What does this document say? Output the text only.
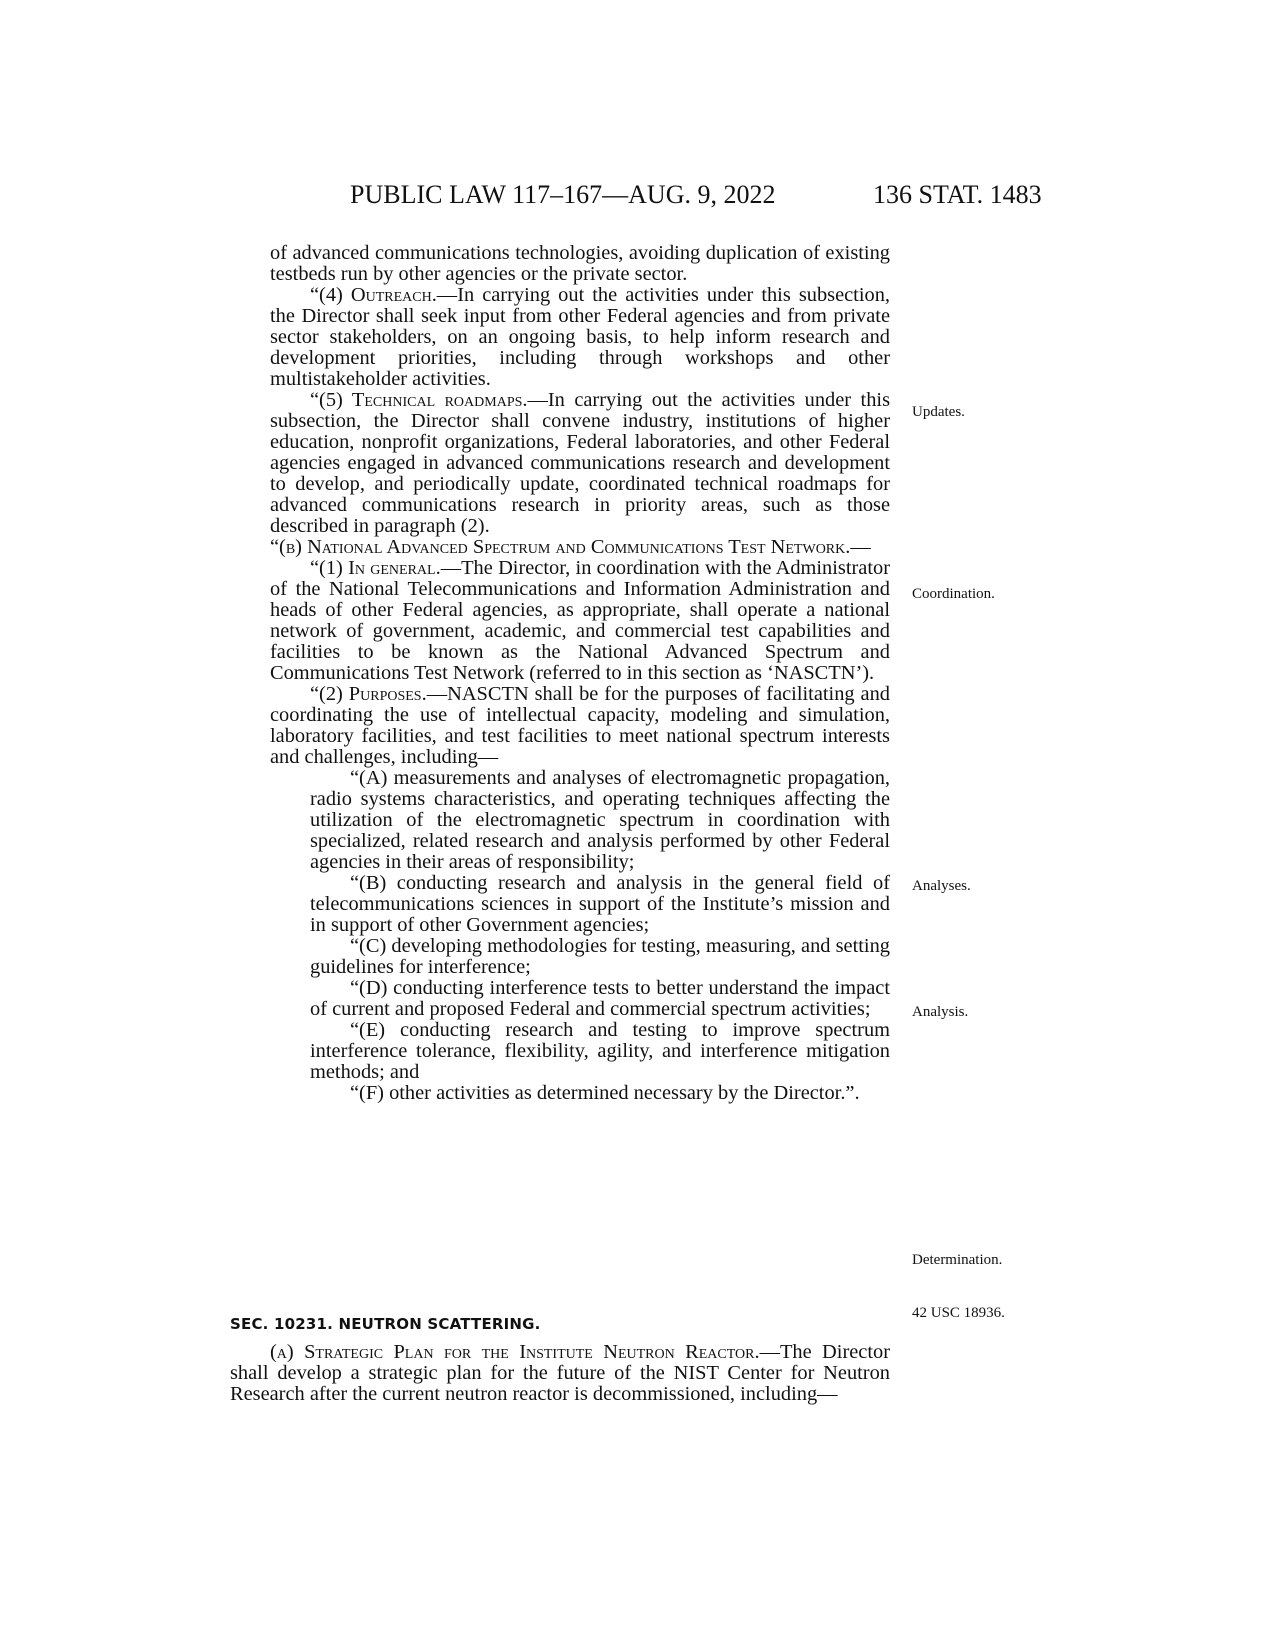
PUBLIC LAW 117–167—AUG. 9, 2022	136 STAT. 1483

of advanced communications technologies, avoiding duplication of existing testbeds run by other agencies or the private sector.

“(4) Outreach.—In carrying out the activities under this subsection, the Director shall seek input from other Federal agencies and from private sector stakeholders, on an ongoing basis, to help inform research and development priorities, including through workshops and other multistakeholder activities.

“(5) Technical roadmaps.—In carrying out the activities under this subsection, the Director shall convene industry, institutions of higher education, nonprofit organizations, Federal laboratories, and other Federal agencies engaged in advanced communications research and development to develop, and periodically update, coordinated technical roadmaps for advanced communications research in priority areas, such as those described in paragraph (2).

“(b) National Advanced Spectrum and Communications Test Network.—

“(1) In general.—The Director, in coordination with the Administrator of the National Telecommunications and Information Administration and heads of other Federal agencies, as appropriate, shall operate a national network of government, academic, and commercial test capabilities and facilities to be known as the National Advanced Spectrum and Communications Test Network (referred to in this section as ‘NASCTN’).

“(2) Purposes.—NASCTN shall be for the purposes of facilitating and coordinating the use of intellectual capacity, modeling and simulation, laboratory facilities, and test facilities to meet national spectrum interests and challenges, including—

“(A) measurements and analyses of electromagnetic propagation, radio systems characteristics, and operating techniques affecting the utilization of the electromagnetic spectrum in coordination with specialized, related research and analysis performed by other Federal agencies in their areas of responsibility;

“(B) conducting research and analysis in the general field of telecommunications sciences in support of the Institute’s mission and in support of other Government agencies;

“(C) developing methodologies for testing, measuring, and setting guidelines for interference;

“(D) conducting interference tests to better understand the impact of current and proposed Federal and commercial spectrum activities;

“(E) conducting research and testing to improve spectrum interference tolerance, flexibility, agility, and interference mitigation methods; and

“(F) other activities as determined necessary by the Director.”.

SEC. 10231. NEUTRON SCATTERING.

(a) Strategic Plan for the Institute Neutron Reactor.—The Director shall develop a strategic plan for the future of the NIST Center for Neutron Research after the current neutron reactor is decommissioned, including—

Updates.
Coordination.
Analyses.
Analysis.
Determination.
42 USC 18936.
